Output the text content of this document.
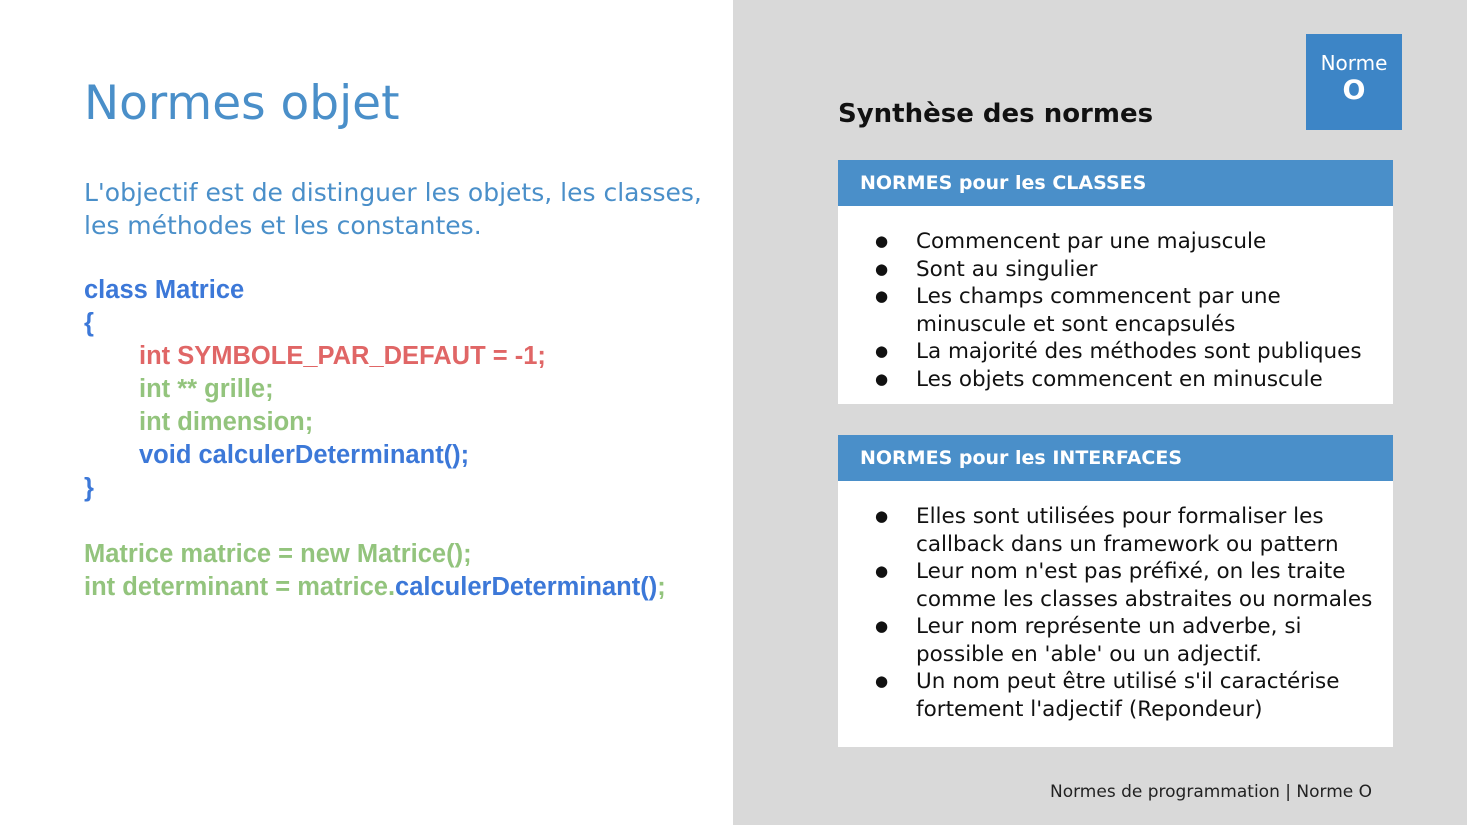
Normes objet

L'objectif est de distinguer les objets, les classes, les méthodes et les constantes.

class Matrice
{
int SYMBOLE_PAR_DEFAUT = -1;
int ** grille;
int dimension;
void calculerDeterminant();
}
Matrice matrice = new Matrice();
int determinant = matrice.calculerDeterminant();
Norme
O
Synthèse des normes
NORMES pour les CLASSES
● Commencent par une majuscule
● Sont au singulier
● Les champs commencent par une minuscule et sont encapsulés
● La majorité des méthodes sont publiques
● Les objets commencent en minuscule
NORMES pour les INTERFACES
● Elles sont utilisées pour formaliser les callback dans un framework ou pattern
● Leur nom n'est pas préfixé, on les traite comme les classes abstraites ou normales
● Leur nom représente un adverbe, si possible en 'able' ou un adjectif.
● Un nom peut être utilisé s'il caractérise fortement l'adjectif (Repondeur)

Normes de programmation | Norme O
